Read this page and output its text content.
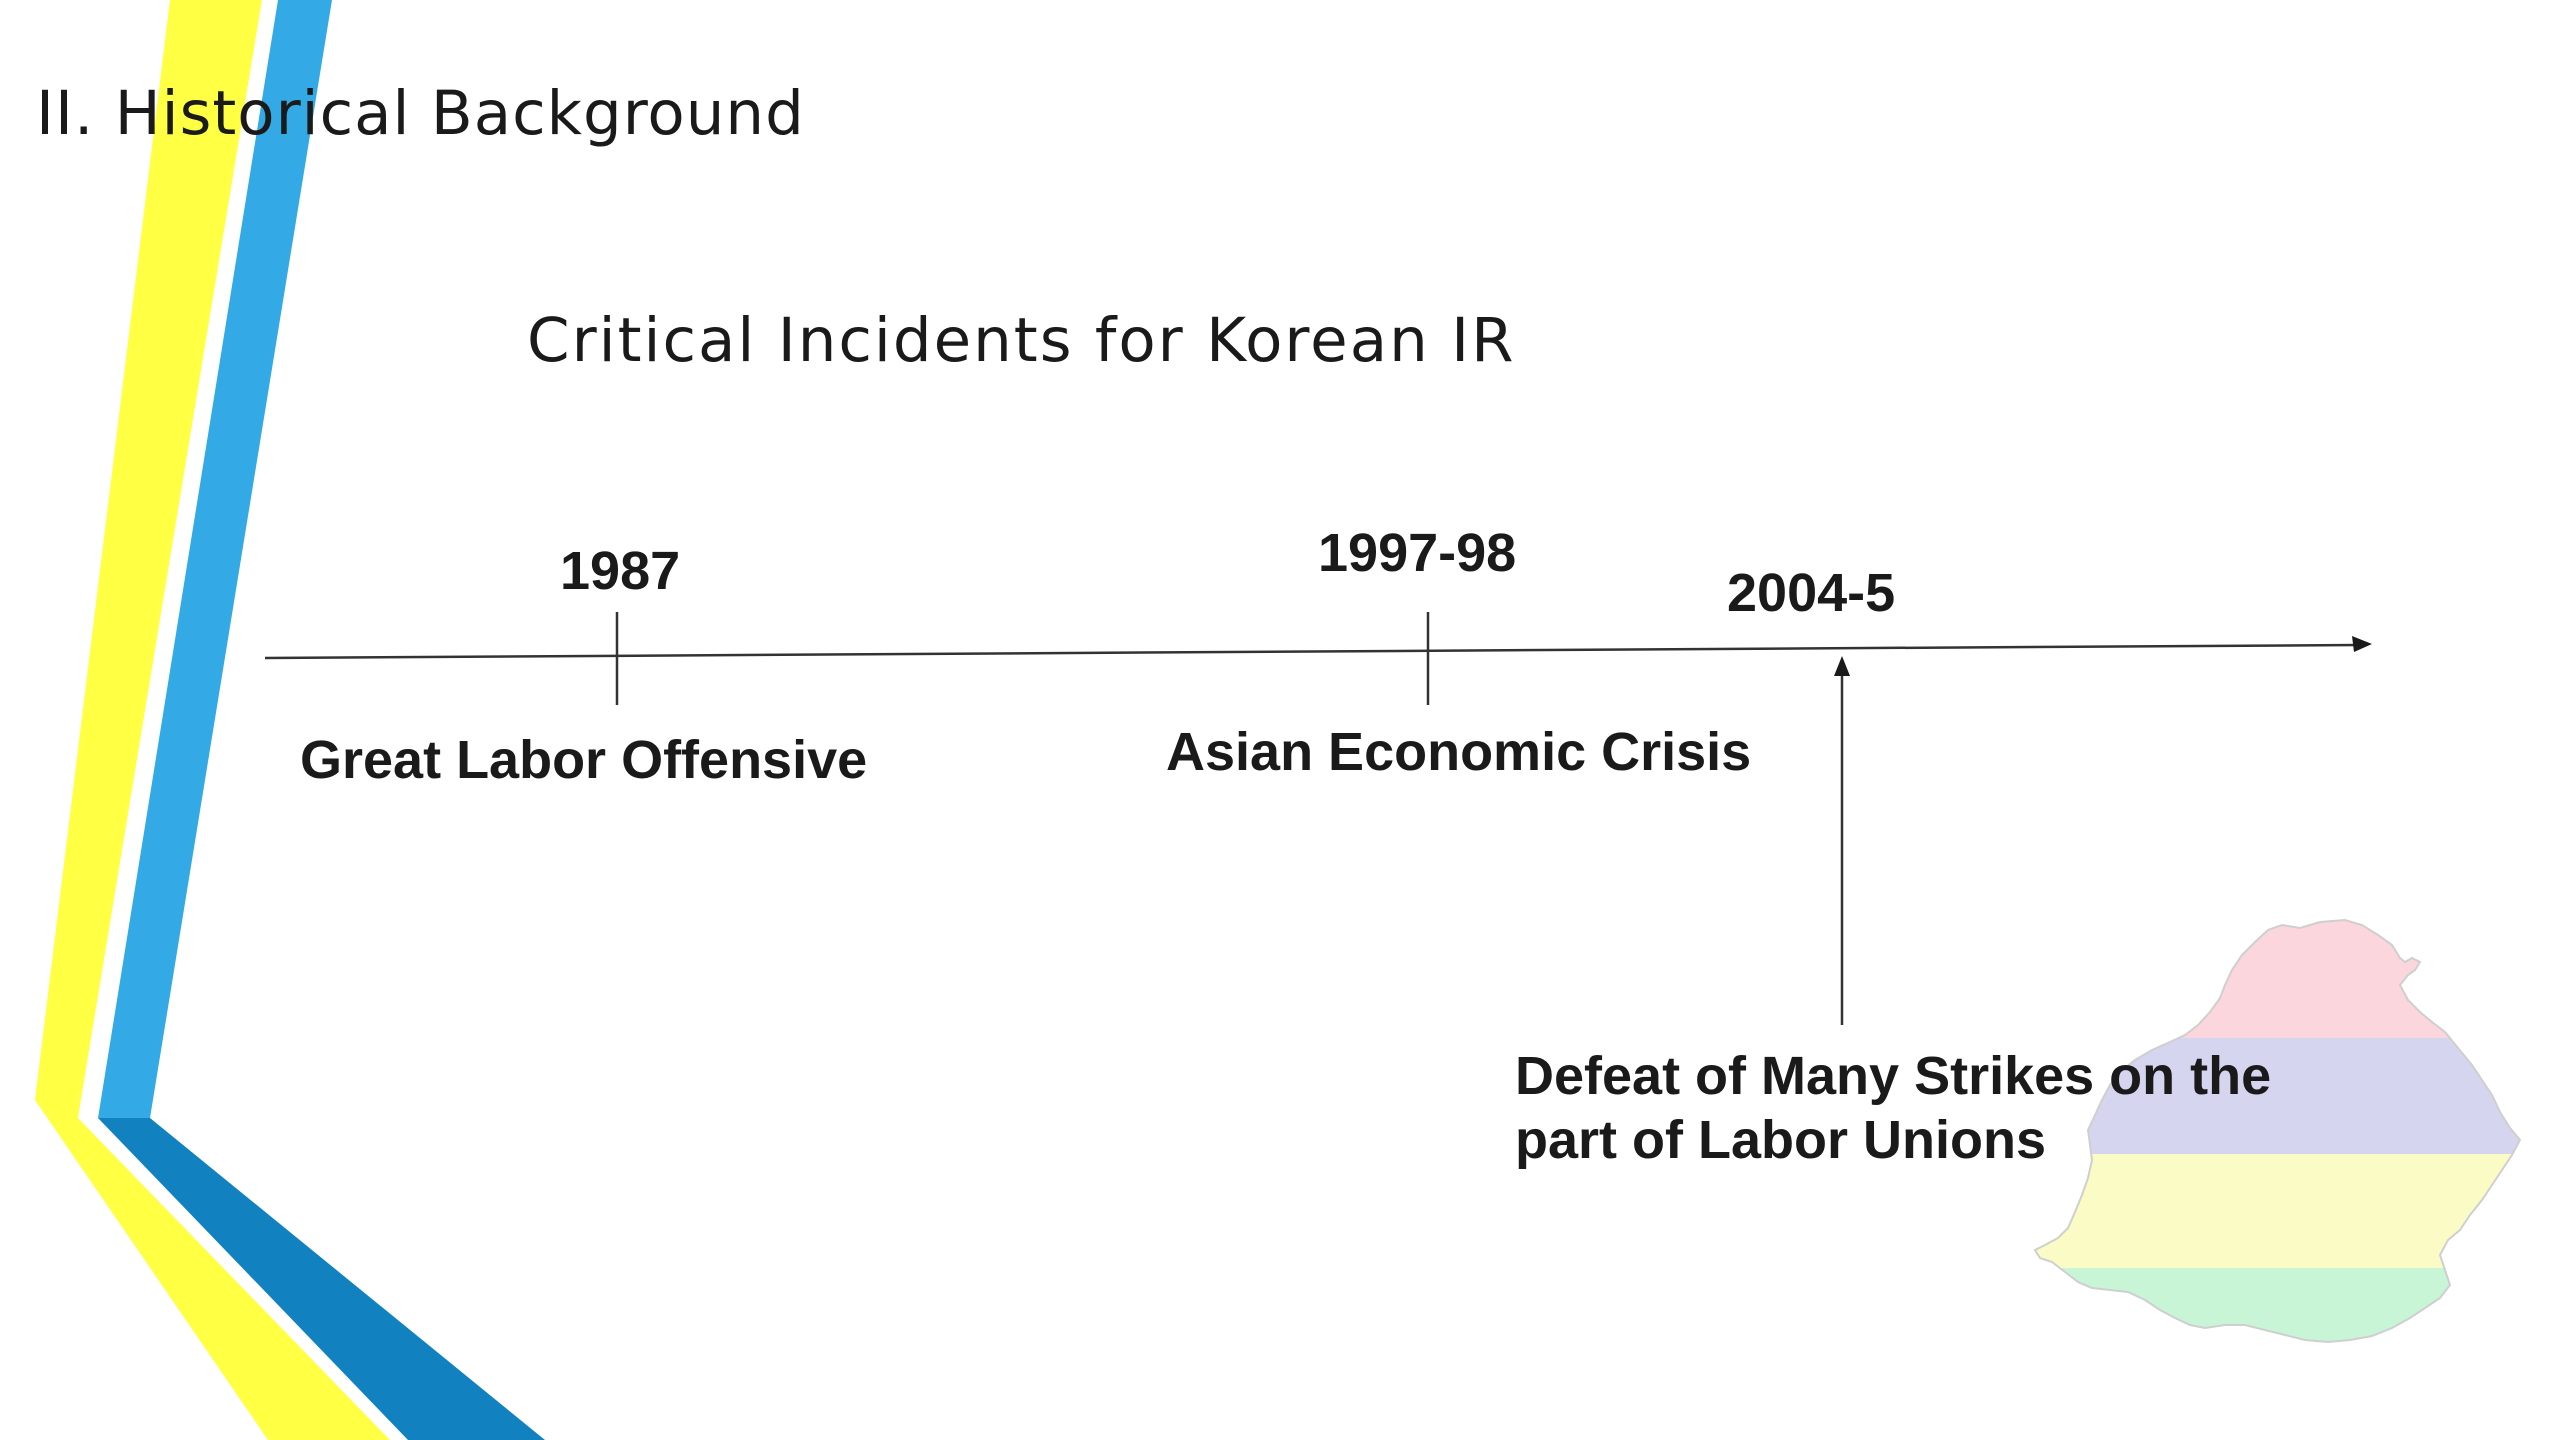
II. Historical Background
Critical Incidents for Korean IR
1987	1997-98
2004-5
Great Labor Offensive	Asian Economic Crisis
Defeat of Many Strikes on the
part of Labor Unions
